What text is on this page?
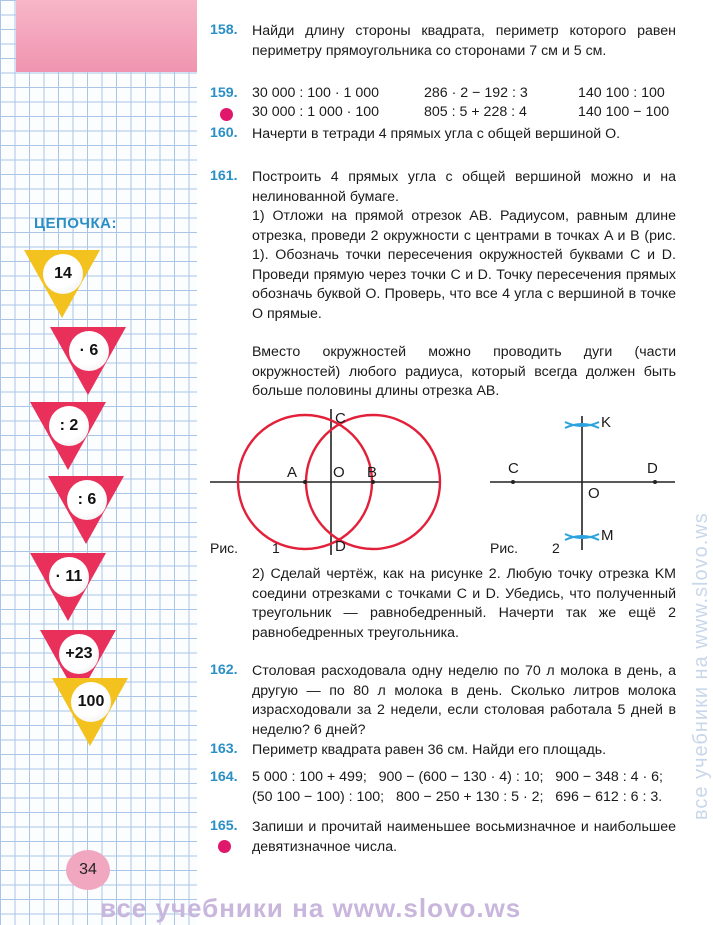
ЦЕПОЧКА:
14
· 6
: 2
: 6
· 11
+23
100
34
158. Найди длину стороны квадрата, периметр которого равен периметру прямоугольника со сторонами 7 см и 5 см.
159. 30 000 : 100 · 1 000	286 · 2 − 192 : 3	140 100 : 100
30 000 : 1 000 · 100	805 : 5 + 228 : 4	140 100 − 100
160. Начерти в тетради 4 прямых угла с общей вершиной O.
161. Построить 4 прямых угла с общей вершиной можно и на нелинованной бумаге.
1) Отложи на прямой отрезок AB. Радиусом, равным длине отрезка, проведи 2 окружности с центрами в точках A и B (рис. 1). Обозначь точки пересечения окружностей буквами C и D. Проведи прямую через точки C и D. Точку пересечения прямых обозначь буквой O. Проверь, что все 4 угла с вершиной в точке O прямые.
Вместо окружностей можно проводить дуги (части окружностей) любого радиуса, который всегда должен быть больше половины длины отрезка AB.
A	B
C
D
O
Рис. 1
K
M
C	D
O
Рис. 2
2) Сделай чертёж, как на рисунке 2. Любую точку отрезка KM соедини отрезками с точками C и D. Убедись, что полученный треугольник — равнобедренный. Начерти так же ещё 2 равнобедренных треугольника.
162. Столовая расходовала одну неделю по 70 л молока в день, а другую — по 80 л молока в день. Сколько литров молока израсходовали за 2 недели, если столовая работала 5 дней в неделю? 6 дней?
163. Периметр квадрата равен 36 см. Найди его площадь.
164. 5 000 : 100 + 499;   900 − (600 − 130 · 4) : 10;   900 − 348 : 4 · 6;
(50 100 − 100) : 100;   800 − 250 + 130 : 5 · 2;   696 − 612 : 6 : 3.
165. Запиши и прочитай наименьшее восьмизначное и наибольшее девятизначное числа.
все учебники на www.slovo.ws
все учебники на www.slovo.ws
